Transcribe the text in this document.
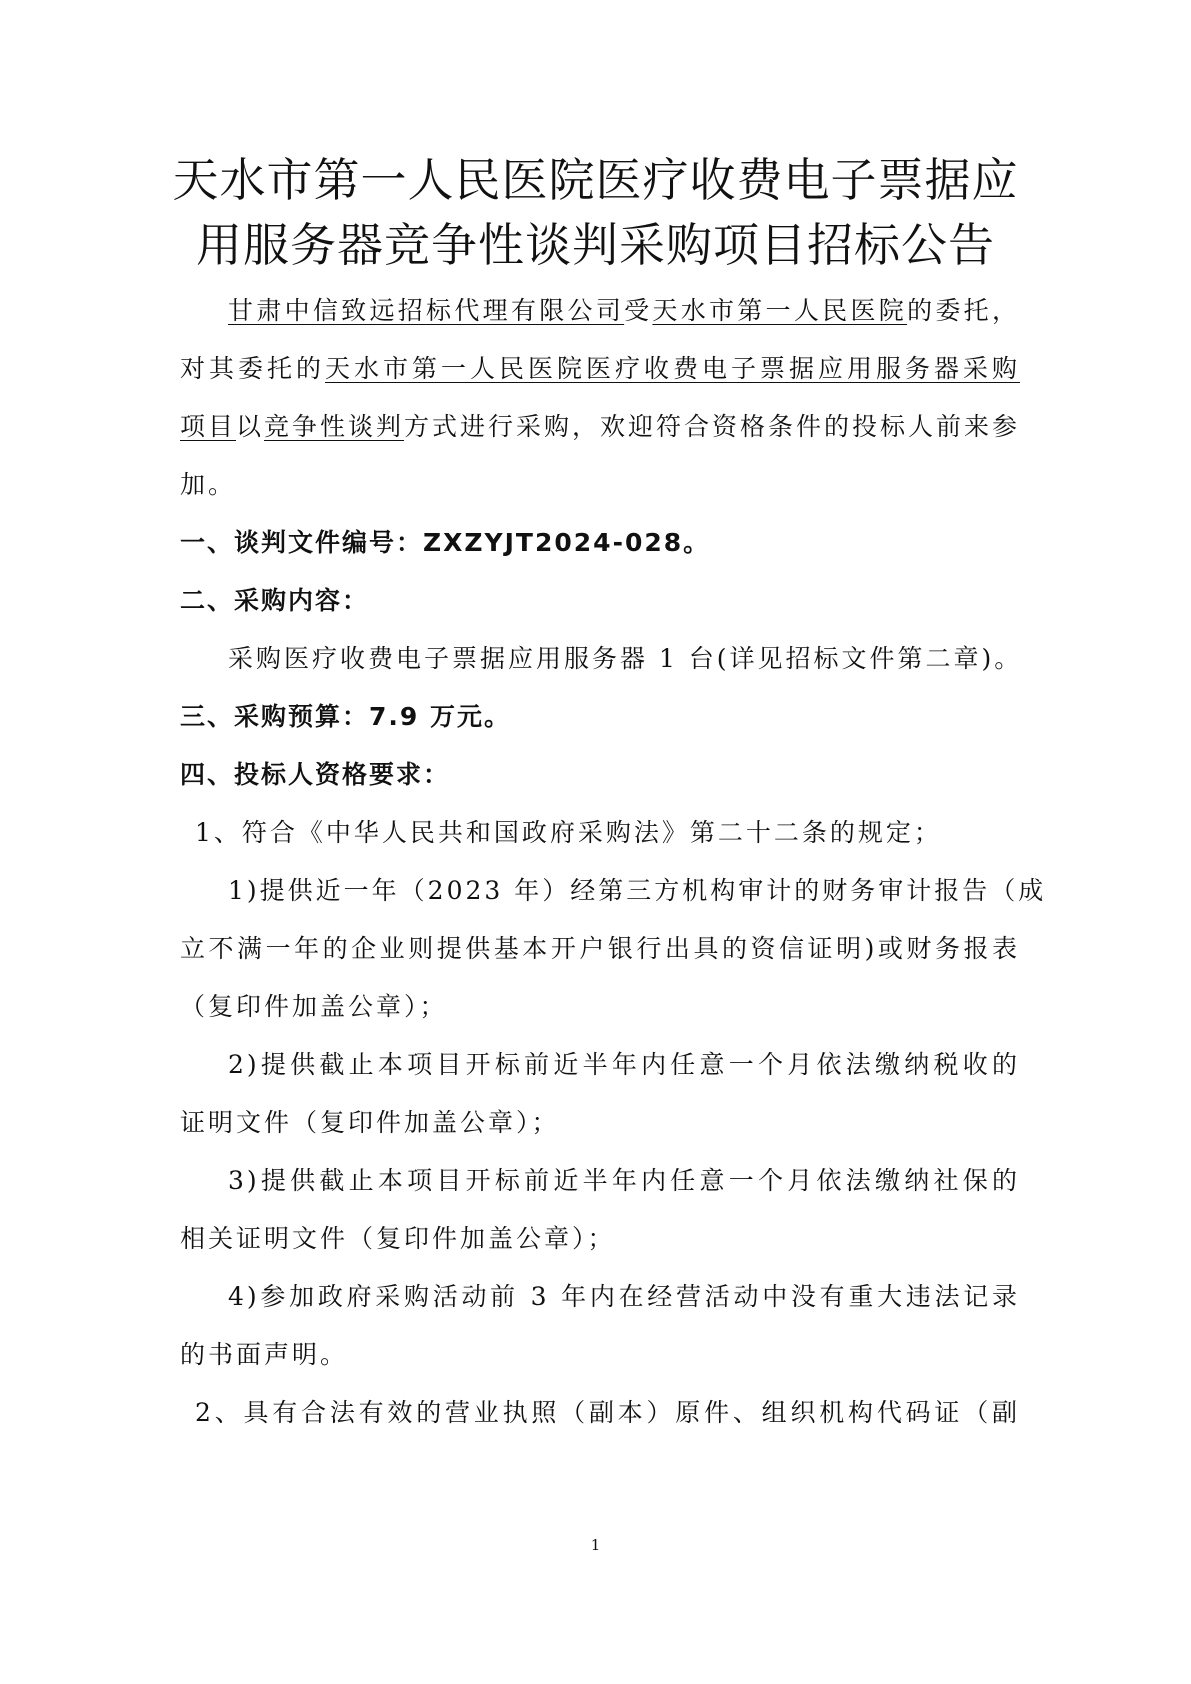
天水市第一人民医院医疗收费电子票据应
用服务器竞争性谈判采购项目招标公告
甘肃中信致远招标代理有限公司受天水市第一人民医院的委托，
对其委托的天水市第一人民医院医疗收费电子票据应用服务器采购
项目以竞争性谈判方式进行采购，欢迎符合资格条件的投标人前来参
加。
一、谈判文件编号：ZXZYJT2024-028。
二、采购内容：
采购医疗收费电子票据应用服务器 1 台(详见招标文件第二章)。
三、采购预算：7.9 万元。
四、投标人资格要求：
1、符合《中华人民共和国政府采购法》第二十二条的规定；
1)提供近一年（2023 年）经第三方机构审计的财务审计报告（成
立不满一年的企业则提供基本开户银行出具的资信证明)或财务报表
（复印件加盖公章）；
2)提供截止本项目开标前近半年内任意一个月依法缴纳税收的
证明文件（复印件加盖公章）；
3)提供截止本项目开标前近半年内任意一个月依法缴纳社保的
相关证明文件（复印件加盖公章）；
4)参加政府采购活动前 3 年内在经营活动中没有重大违法记录
的书面声明。
2、具有合法有效的营业执照（副本）原件、组织机构代码证（副
1
